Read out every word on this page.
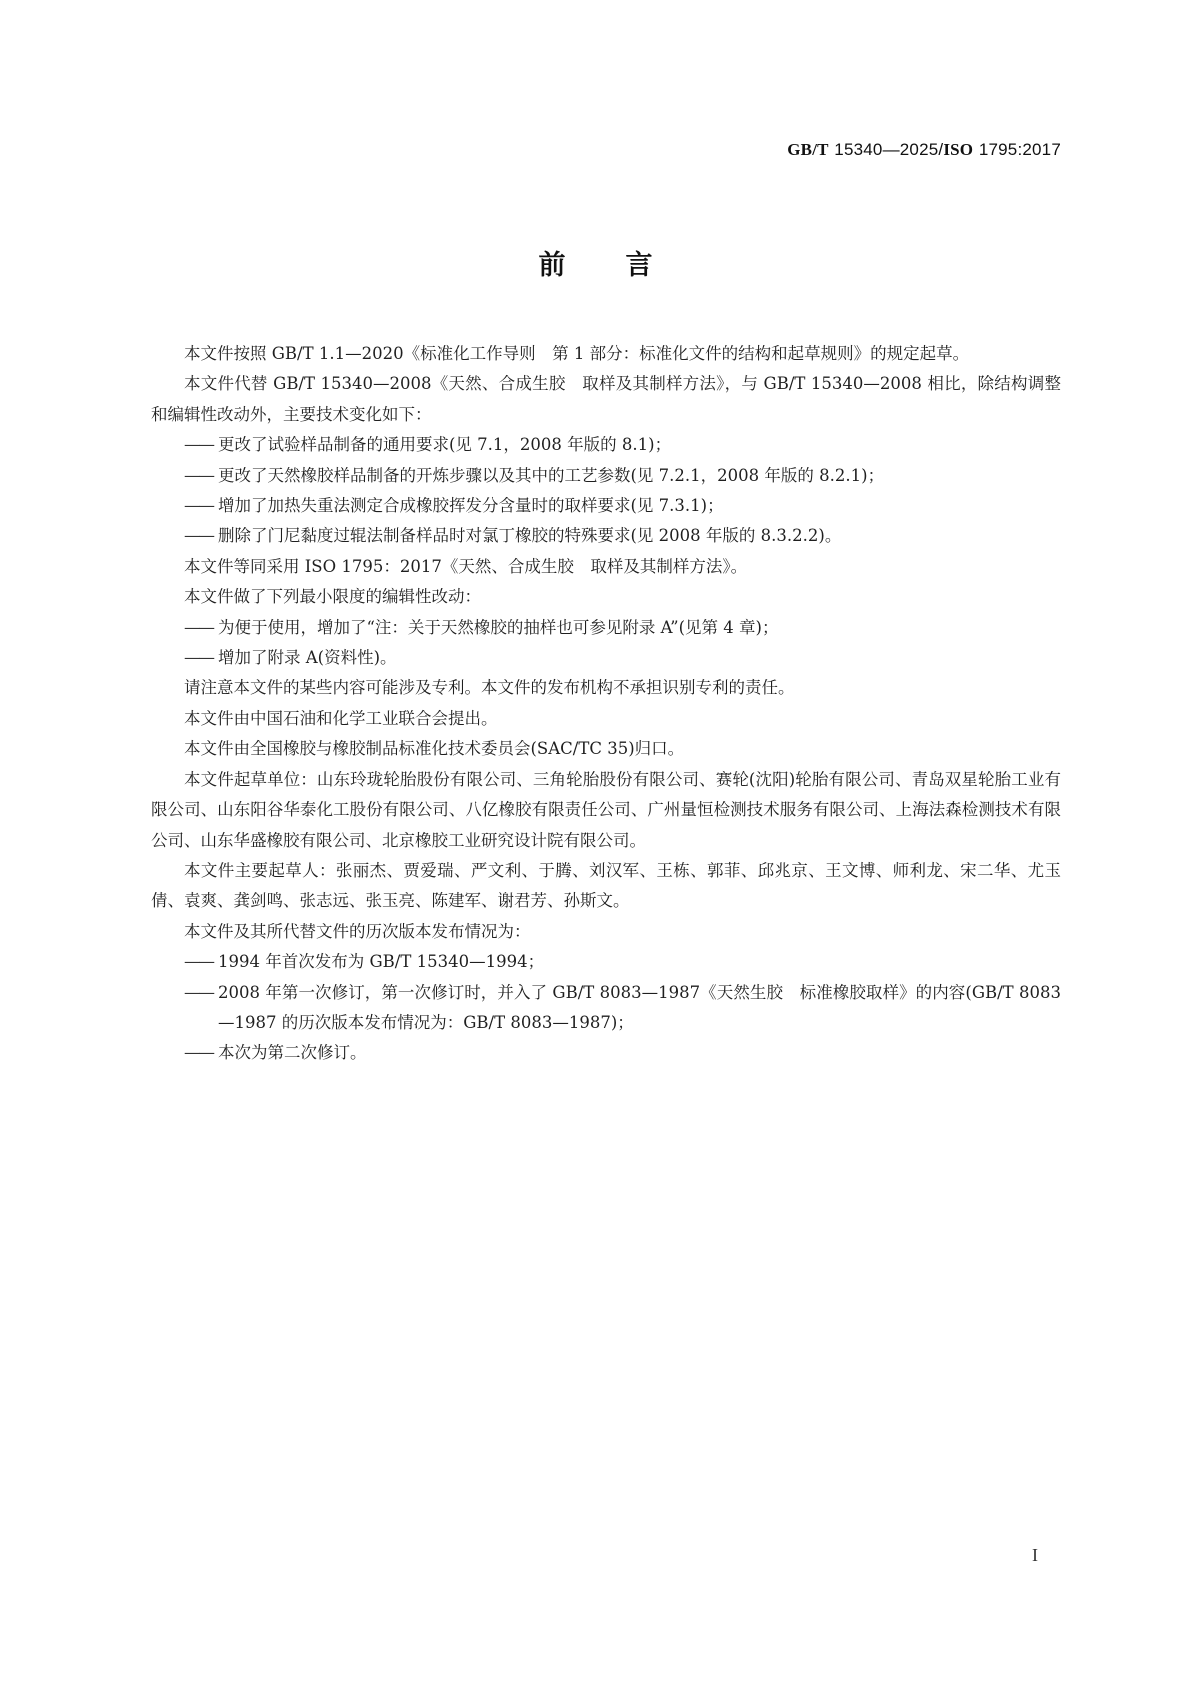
GB/T 15340—2025/ISO 1795:2017
前 言

本文件按照 GB/T 1.1—2020《标准化工作导则　第 1 部分：标准化文件的结构和起草规则》的规定起草。

本文件代替 GB/T 15340—2008《天然、合成生胶　取样及其制样方法》，与 GB/T 15340—2008 相比，除结构调整和编辑性改动外，主要技术变化如下：

—— 更改了试验样品制备的通用要求(见 7.1，2008 年版的 8.1)；

—— 更改了天然橡胶样品制备的开炼步骤以及其中的工艺参数(见 7.2.1，2008 年版的 8.2.1)；

—— 增加了加热失重法测定合成橡胶挥发分含量时的取样要求(见 7.3.1)；

—— 删除了门尼黏度过辊法制备样品时对氯丁橡胶的特殊要求(见 2008 年版的 8.3.2.2)。

本文件等同采用 ISO 1795：2017《天然、合成生胶　取样及其制样方法》。

本文件做了下列最小限度的编辑性改动：

—— 为便于使用，增加了“注：关于天然橡胶的抽样也可参见附录 A”(见第 4 章)；

—— 增加了附录 A(资料性)。

请注意本文件的某些内容可能涉及专利。本文件的发布机构不承担识别专利的责任。

本文件由中国石油和化学工业联合会提出。

本文件由全国橡胶与橡胶制品标准化技术委员会(SAC/TC 35)归口。

本文件起草单位：山东玲珑轮胎股份有限公司、三角轮胎股份有限公司、赛轮(沈阳)轮胎有限公司、青岛双星轮胎工业有限公司、山东阳谷华泰化工股份有限公司、八亿橡胶有限责任公司、广州量恒检测技术服务有限公司、上海法森检测技术有限公司、山东华盛橡胶有限公司、北京橡胶工业研究设计院有限公司。

本文件主要起草人：张丽杰、贾爱瑞、严文利、于腾、刘汉军、王栋、郭菲、邱兆京、王文博、师利龙、宋二华、尤玉倩、袁爽、龚剑鸣、张志远、张玉亮、陈建军、谢君芳、孙斯文。

本文件及其所代替文件的历次版本发布情况为：

—— 1994 年首次发布为 GB/T 15340—1994；

—— 2008 年第一次修订，第一次修订时，并入了 GB/T 8083—1987《天然生胶　标准橡胶取样》的内容(GB/T 8083—1987 的历次版本发布情况为：GB/T 8083—1987)；

—— 本次为第二次修订。

I
